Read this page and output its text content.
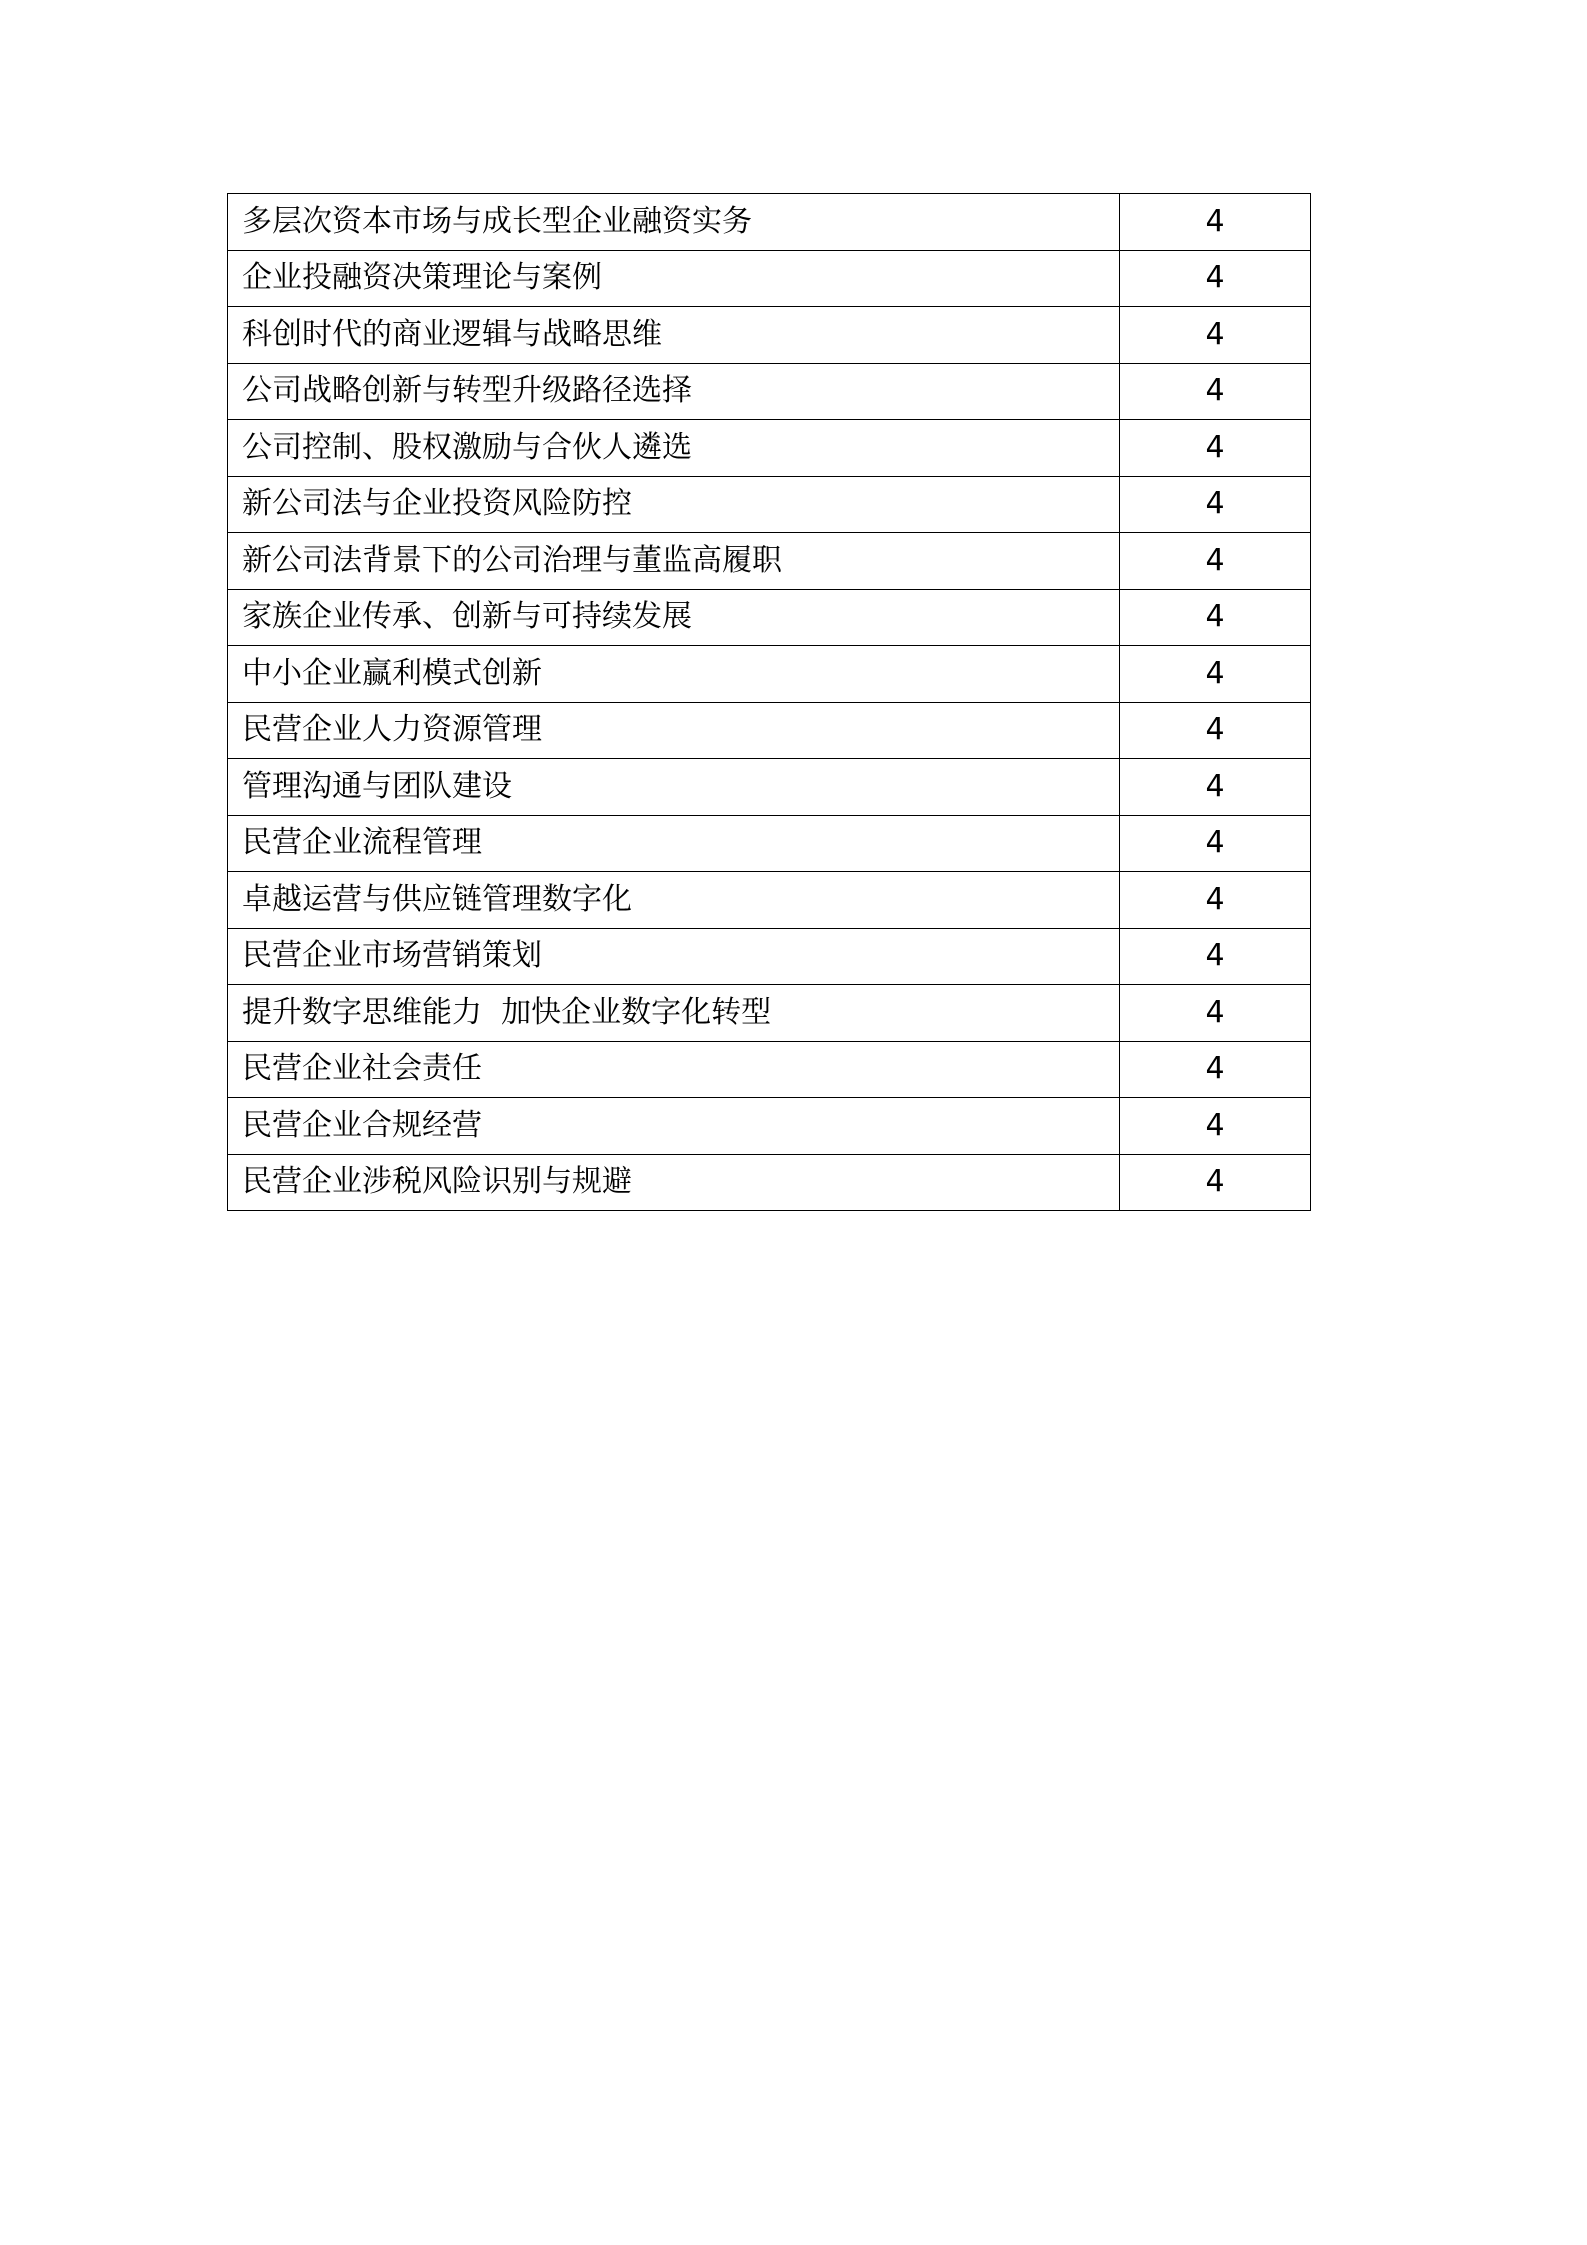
多层次资本市场与成长型企业融资实务	4
企业投融资决策理论与案例	4
科创时代的商业逻辑与战略思维	4
公司战略创新与转型升级路径选择	4
公司控制、股权激励与合伙人遴选	4
新公司法与企业投资风险防控	4
新公司法背景下的公司治理与董监高履职	4
家族企业传承、创新与可持续发展	4
中小企业赢利模式创新	4
民营企业人力资源管理	4
管理沟通与团队建设	4
民营企业流程管理	4
卓越运营与供应链管理数字化	4
民营企业市场营销策划	4
提升数字思维能力  加快企业数字化转型	4
民营企业社会责任	4
民营企业合规经营	4
民营企业涉税风险识别与规避	4
